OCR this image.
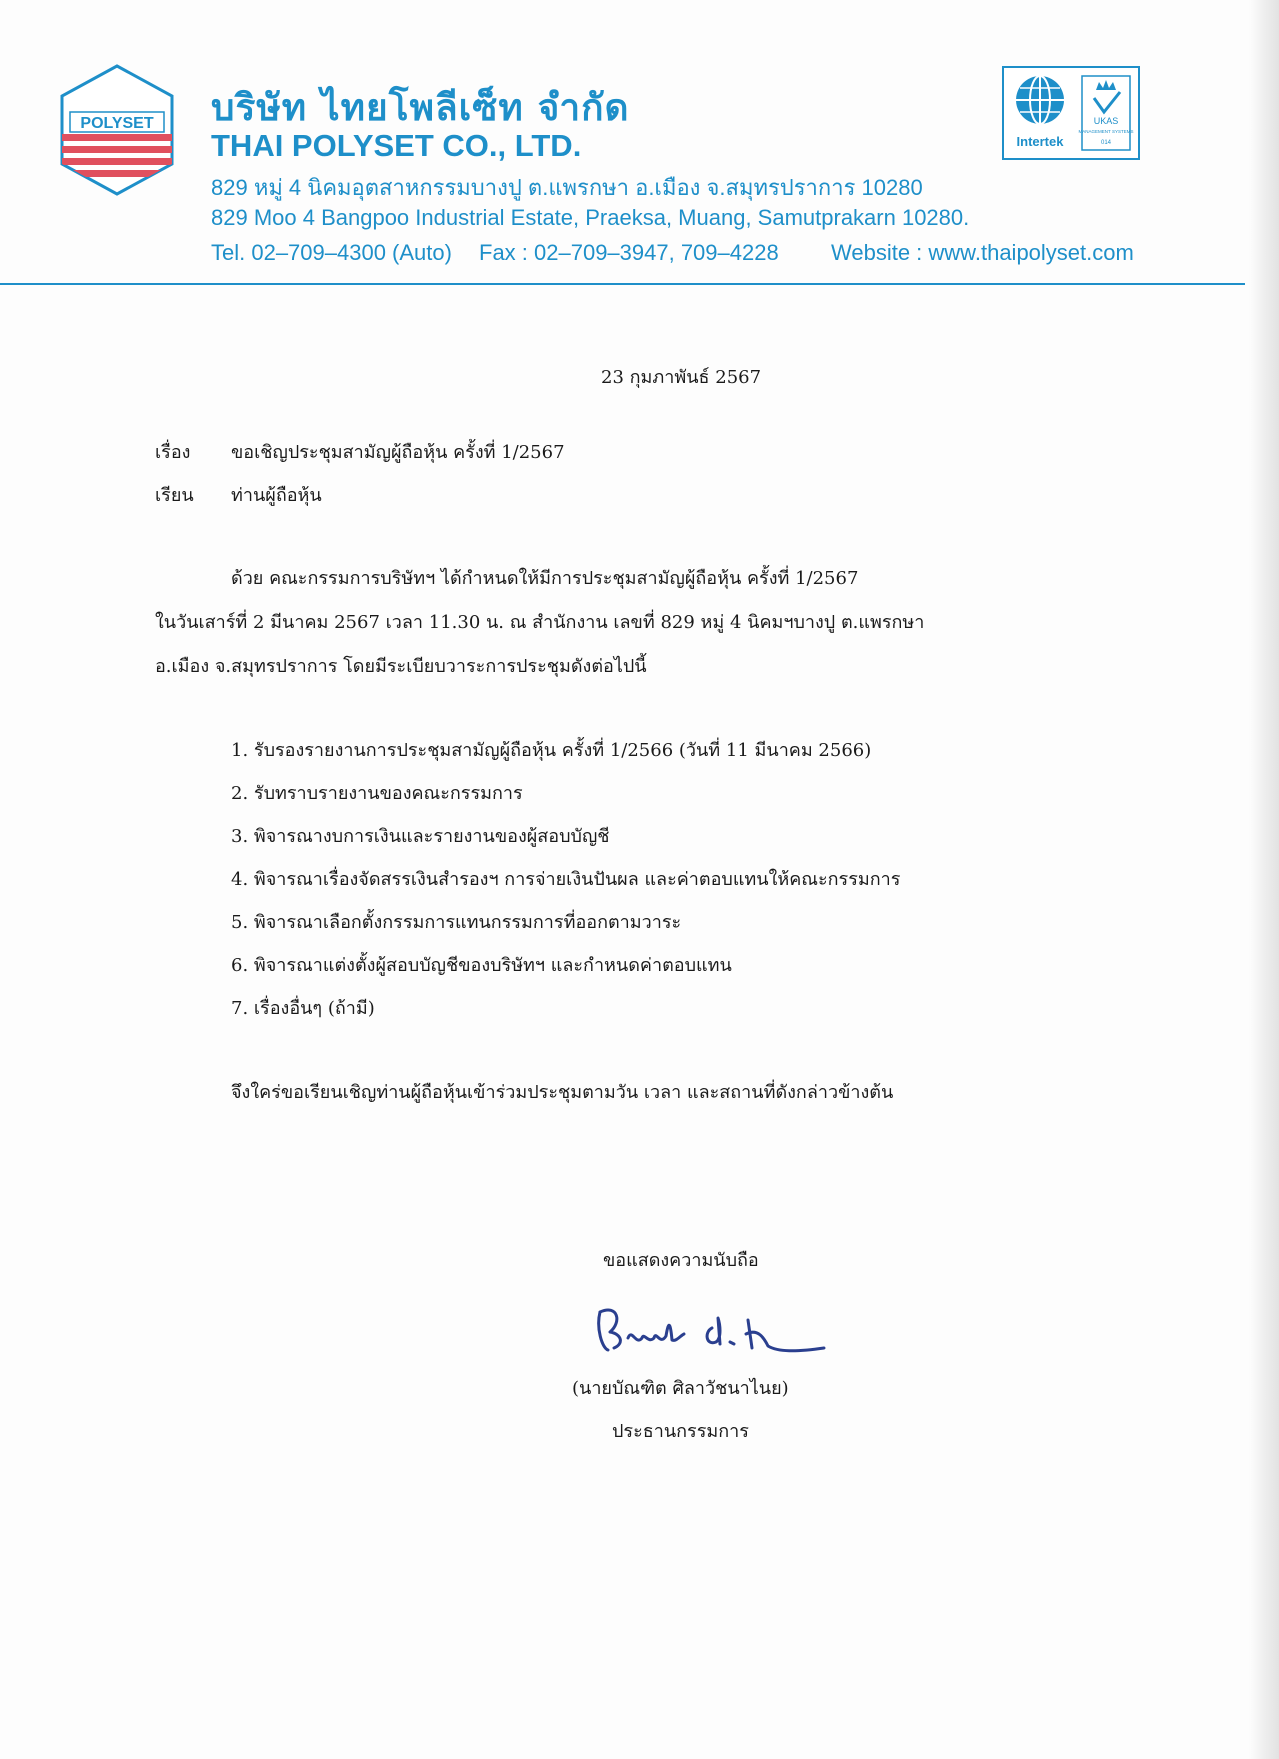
POLYSET บริษัท ไทยโพลีเซ็ท จำกัด
THAI POLYSET CO., LTD.
829 หมู่ 4 นิคมอุตสาหกรรมบางปู ต.แพรกษา อ.เมือง จ.สมุทรปราการ 10280
829 Moo 4 Bangpoo Industrial Estate, Praeksa, Muang, Samutprakarn 10280.
Tel. 02–709–4300 (Auto) Fax : 02–709–3947, 709–4228 Website : www.thaipolyset.com
Intertek
UKAS
MANAGEMENT SYSTEMS
014
23 กุมภาพันธ์ 2567
เรื่อง ขอเชิญประชุมสามัญผู้ถือหุ้น ครั้งที่ 1/2567
เรียน ท่านผู้ถือหุ้น
ด้วย คณะกรรมการบริษัทฯ ได้กำหนดให้มีการประชุมสามัญผู้ถือหุ้น ครั้งที่ 1/2567
ในวันเสาร์ที่ 2 มีนาคม 2567 เวลา 11.30 น. ณ สำนักงาน เลขที่ 829 หมู่ 4 นิคมฯบางปู ต.แพรกษา
อ.เมือง จ.สมุทรปราการ โดยมีระเบียบวาระการประชุมดังต่อไปนี้
1. รับรองรายงานการประชุมสามัญผู้ถือหุ้น ครั้งที่ 1/2566 (วันที่ 11 มีนาคม 2566)
2. รับทราบรายงานของคณะกรรมการ
3. พิจารณางบการเงินและรายงานของผู้สอบบัญชี
4. พิจารณาเรื่องจัดสรรเงินสำรองฯ การจ่ายเงินปันผล และค่าตอบแทนให้คณะกรรมการ
5. พิจารณาเลือกตั้งกรรมการแทนกรรมการที่ออกตามวาระ
6. พิจารณาแต่งตั้งผู้สอบบัญชีของบริษัทฯ และกำหนดค่าตอบแทน
7. เรื่องอื่นๆ (ถ้ามี)
จึงใคร่ขอเรียนเชิญท่านผู้ถือหุ้นเข้าร่วมประชุมตามวัน เวลา และสถานที่ดังกล่าวข้างต้น
ขอแสดงความนับถือ
(นายบัณฑิต ศิลาวัชนาไนย)
ประธานกรรมการ
